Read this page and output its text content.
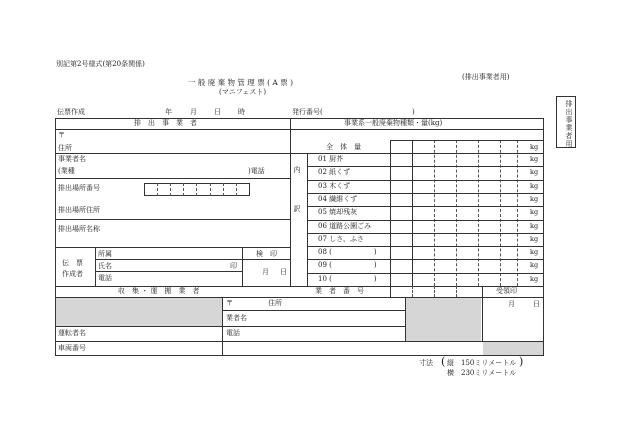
別記第2号様式(第20条関係)
(排出事業者用)
一 般 廃 棄 物 管 理 票 ( A 票 )
(マニフェスト)
排出事業者用
伝票作成	年	月 日 時	発行番号(	)
排　出　事　業　者
〒
住所
事業者名
(業種	)電話
排出場所番号
排出場所住所
排出場所名称
伝　票
作成者
所属
氏名	印
電話
検　印
月 日
事業系一般廃棄物種類・量(kg)
全　体　量
内　　訳
kg
01 厨芥	kg
02 紙くず	kg
03 木くず	kg
04 繊維くず	kg
05 焼却残灰	kg
06 道路公園ごみ	kg
07 しさ、ふさ	kg
08 (　　　　　　)	kg
09 (　　　　　　)	kg
10 (　　　　　　)	kg
収　集 ・ 運　搬　業　者	業　者　番　号	受領印
〒	住所
業者名
電話
運転者名
車両番号
月	日
寸法 ( 縦　150ミリメートル
横　230ミリメートル
)
